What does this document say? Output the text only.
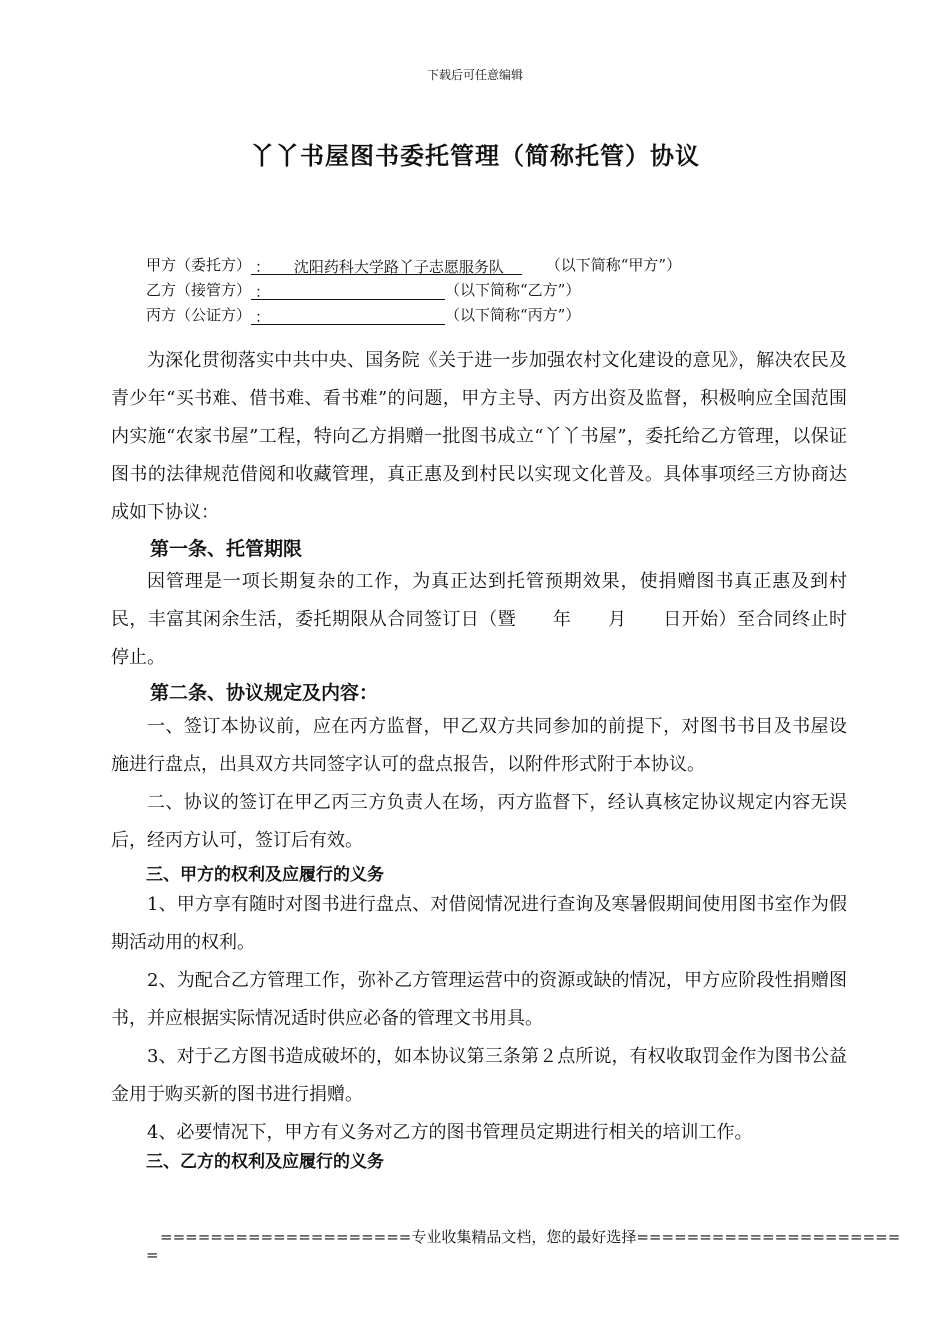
下载后可任意编辑
丫丫书屋图书委托管理（简称托管）协议
甲方（委托方） ： 沈阳药科大学路丫子志愿服务队	（以下简称“甲方”）
乙方（接管方） ：	（以下简称“乙方”）
丙方（公证方） ：	（以下简称“丙方”）

为深化贯彻落实中共中央、国务院《关于进一步加强农村文化建设的意见》，解决农民及青少年“买书难、借书难、看书难”的问题，甲方主导、丙方出资及监督，积极响应全国范围内实施“农家书屋”工程，特向乙方捐赠一批图书成立“丫丫书屋”，委托给乙方管理，以保证图书的法律规范借阅和收藏管理，真正惠及到村民以实现文化普及。具体事项经三方协商达成如下协议：

第一条、托管期限

因管理是一项长期复杂的工作，为真正达到托管预期效果，使捐赠图书真正惠及到村民，丰富其闲余生活，委托期限从合同签订日（暨　　年　　月　　日开始）至合同终止时停止。

第二条、协议规定及内容：

一、签订本协议前，应在丙方监督，甲乙双方共同参加的前提下，对图书书目及书屋设施进行盘点，出具双方共同签字认可的盘点报告，以附件形式附于本协议。

二、协议的签订在甲乙丙三方负责人在场，丙方监督下，经认真核定协议规定内容无误后，经丙方认可，签订后有效。

三、甲方的权利及应履行的义务

1、甲方享有随时对图书进行盘点、对借阅情况进行查询及寒暑假期间使用图书室作为假期活动用的权利。

2、为配合乙方管理工作，弥补乙方管理运营中的资源或缺的情况，甲方应阶段性捐赠图书，并应根据实际情况适时供应必备的管理文书用具。

3、对于乙方图书造成破坏的，如本协议第三条第２点所说，有权收取罚金作为图书公益金用于购买新的图书进行捐赠。

4、必要情况下，甲方有义务对乙方的图书管理员定期进行相关的培训工作。

三、乙方的权利及应履行的义务
====================专业收集精品文档，您的最好选择=====================
=
